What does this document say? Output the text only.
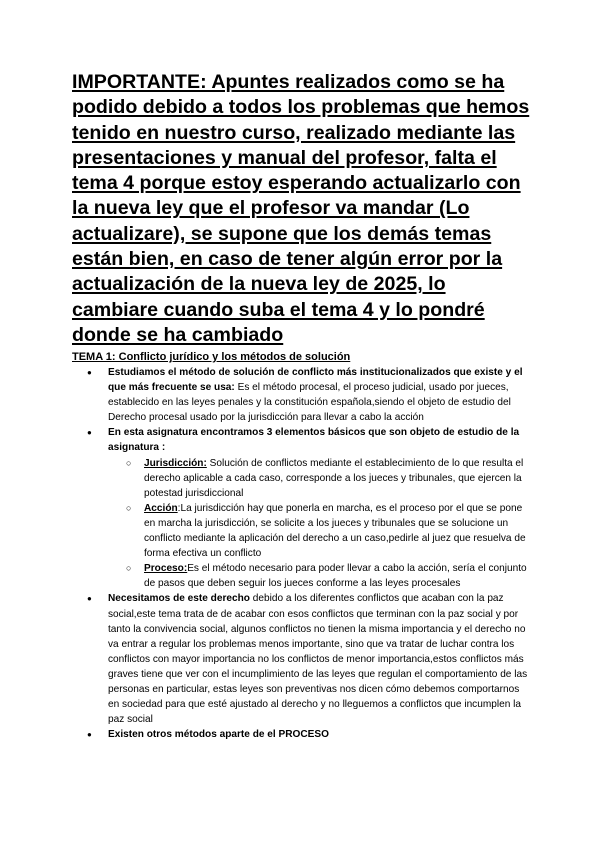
IMPORTANTE: Apuntes realizados como se ha podido debido a todos los problemas que hemos tenido en nuestro curso, realizado mediante las presentaciones y manual del profesor, falta el tema 4 porque estoy esperando actualizarlo con la nueva ley que el profesor va mandar (Lo actualizare), se supone que los demás temas están bien, en caso de tener algún error por la actualización de la nueva ley de 2025, lo cambiare cuando suba el tema 4 y lo pondré donde se ha cambiado

TEMA 1: Conflicto jurídico y los métodos de solución

● Estudiamos el método de solución de conflicto más institucionalizados que existe y el que más frecuente se usa: Es el método procesal, el proceso judicial, usado por jueces, establecido en las leyes penales y la constitución española,siendo el objeto de estudio del Derecho procesal usado por la jurisdicción para llevar a cabo la acción
● En esta asignatura encontramos 3 elementos básicos que son objeto de estudio de la asignatura :
○ Jurisdicción: Solución de conflictos mediante el establecimiento de lo que resulta el derecho aplicable a cada caso, corresponde a los jueces y tribunales, que ejercen la potestad jurisdiccional
○ Acción:La jurisdicción hay que ponerla en marcha, es el proceso por el que se pone en marcha la jurisdicción, se solicite a los jueces y tribunales que se solucione un conflicto mediante la aplicación del derecho a un caso,pedirle al juez que resuelva de forma efectiva un conflicto
○ Proceso:Es el método necesario para poder llevar a cabo la acción, sería el conjunto de pasos que deben seguir los jueces conforme a las leyes procesales
● Necesitamos de este derecho debido a los diferentes conflictos que acaban con la paz social,este tema trata de de acabar con esos conflictos que terminan con la paz social y por tanto la convivencia social, algunos conflictos no tienen la misma importancia y el derecho no va entrar a regular los problemas menos importante, sino que va tratar de luchar contra los conflictos con mayor importancia no los conflictos de menor importancia,estos conflictos más graves tiene que ver con el incumplimiento de las leyes que regulan el comportamiento de las personas en particular, estas leyes son preventivas nos dicen cómo debemos comportarnos en sociedad para que esté ajustado al derecho y no lleguemos a conflictos que incumplen la paz social
● Existen otros métodos aparte de el PROCESO
